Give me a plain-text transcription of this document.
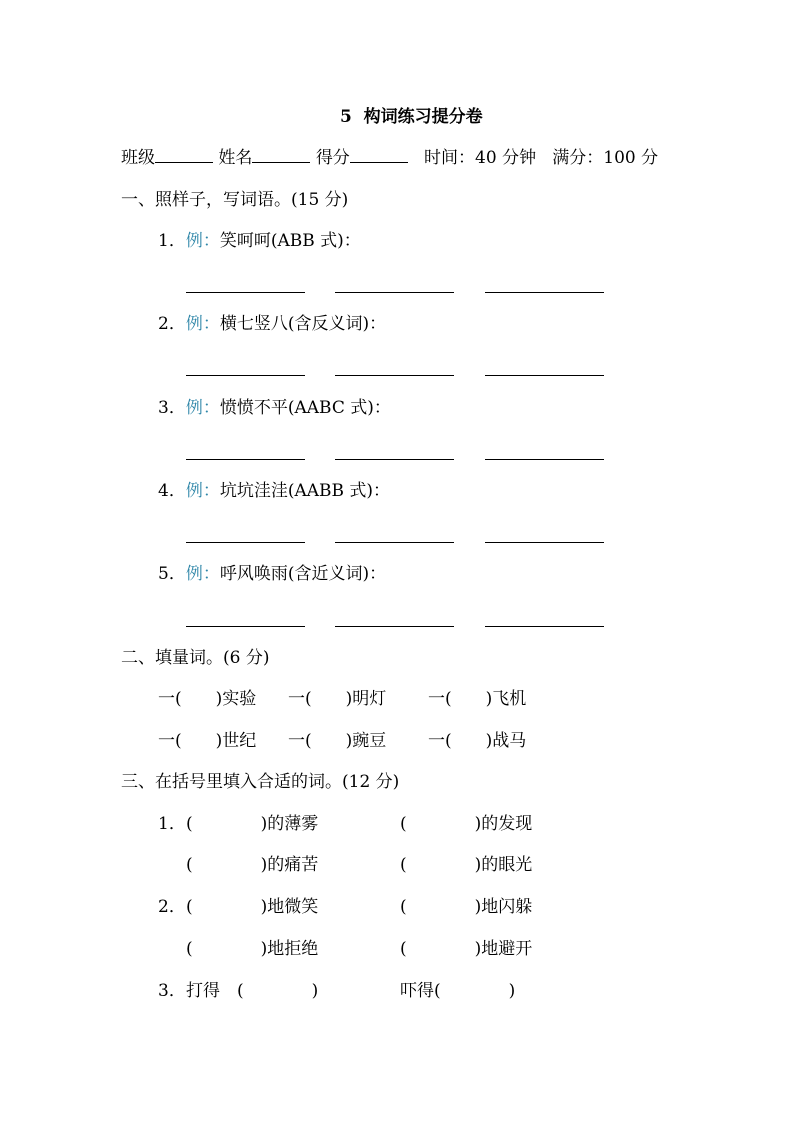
5  构词练习提分卷
班级	姓名	得分	时间：40 分钟 满分：100 分
一、照样子，写词语。(15 分)
1．例：笑呵呵(ABB 式)：
2．例：横七竖八(含反义词)：
3．例：愤愤不平(AABC 式)：
4．例：坑坑洼洼(AABB 式)：
5．例：呼风唤雨(含近义词)：
二、填量词。(6 分)
一(　　)实验 一(　　)明灯 一(　　)飞机
一(　　)世纪 一(　　)豌豆 一(　　)战马
三、在括号里填入合适的词。(12 分)
1． (　　　　)的薄雾	(　　　　)的发现
(　　　　)的痛苦	(　　　　)的眼光
2． (　　　　)地微笑	(　　　　)地闪躲
(　　　　)地拒绝	(　　　　)地避开
3． 打得　(　　　　)	吓得(　　　　)
